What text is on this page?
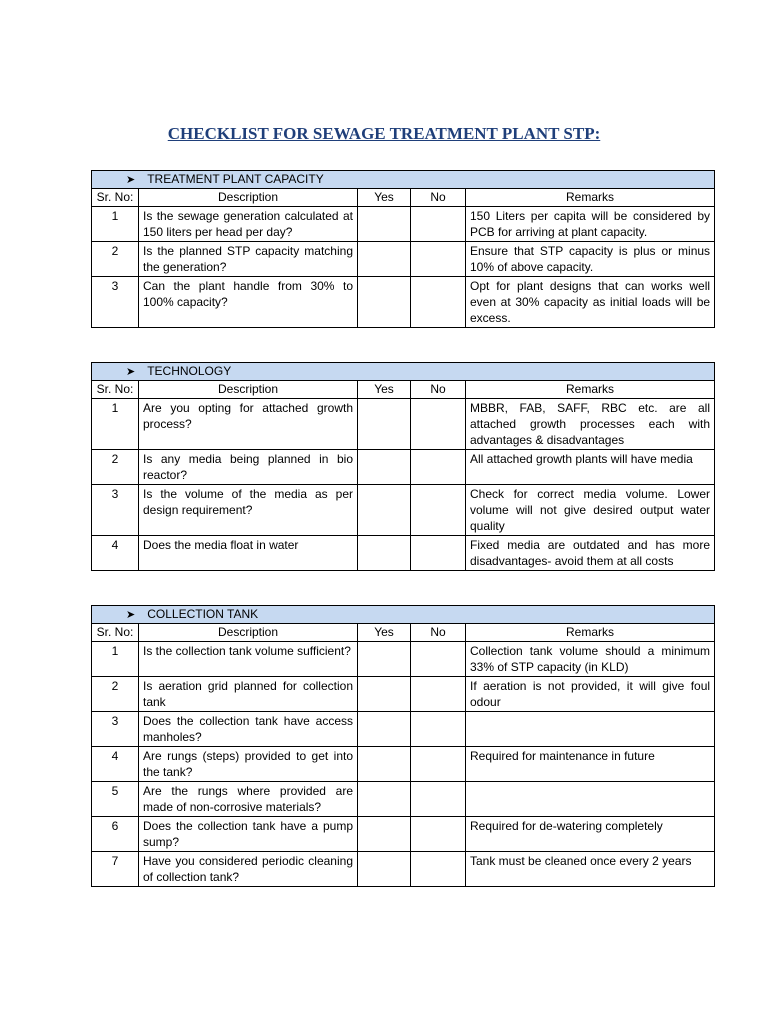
CHECKLIST FOR SEWAGE TREATMENT PLANT STP:
➤ TREATMENT PLANT CAPACITY				
Sr. No:	Description	Yes	No	Remarks
1	Is the sewage generation calculated at 150 liters per head per day?			150 Liters per capita will be considered by PCB for arriving at plant capacity.
2	Is the planned STP capacity matching the generation?			Ensure that STP capacity is plus or minus 10% of above capacity.
3	Can the plant handle from 30% to 100% capacity?			Opt for plant designs that can works well even at 30% capacity as initial loads will be excess.
➤ TECHNOLOGY				
Sr. No:	Description	Yes	No	Remarks
1	Are you opting for attached growth process?			MBBR, FAB, SAFF, RBC etc. are all attached growth processes each with advantages & disadvantages
2	Is any media being planned in bio reactor?			All attached growth plants will have media
3	Is the volume of the media as per design requirement?			Check for correct media volume. Lower volume will not give desired output water quality
4	Does the media float in water			Fixed media are outdated and has more disadvantages- avoid them at all costs
➤ COLLECTION TANK				
Sr. No:	Description	Yes	No	Remarks
1	Is the collection tank volume sufficient?			Collection tank volume should a minimum 33% of STP capacity (in KLD)
2	Is aeration grid planned for collection tank			If aeration is not provided, it will give foul odour
3	Does the collection tank have access manholes?			
4	Are rungs (steps) provided to get into the tank?			Required for maintenance in future
5	Are the rungs where provided are made of non-corrosive materials?			
6	Does the collection tank have a pump sump?			Required for de-watering completely
7	Have you considered periodic cleaning of collection tank?			Tank must be cleaned once every 2 years
